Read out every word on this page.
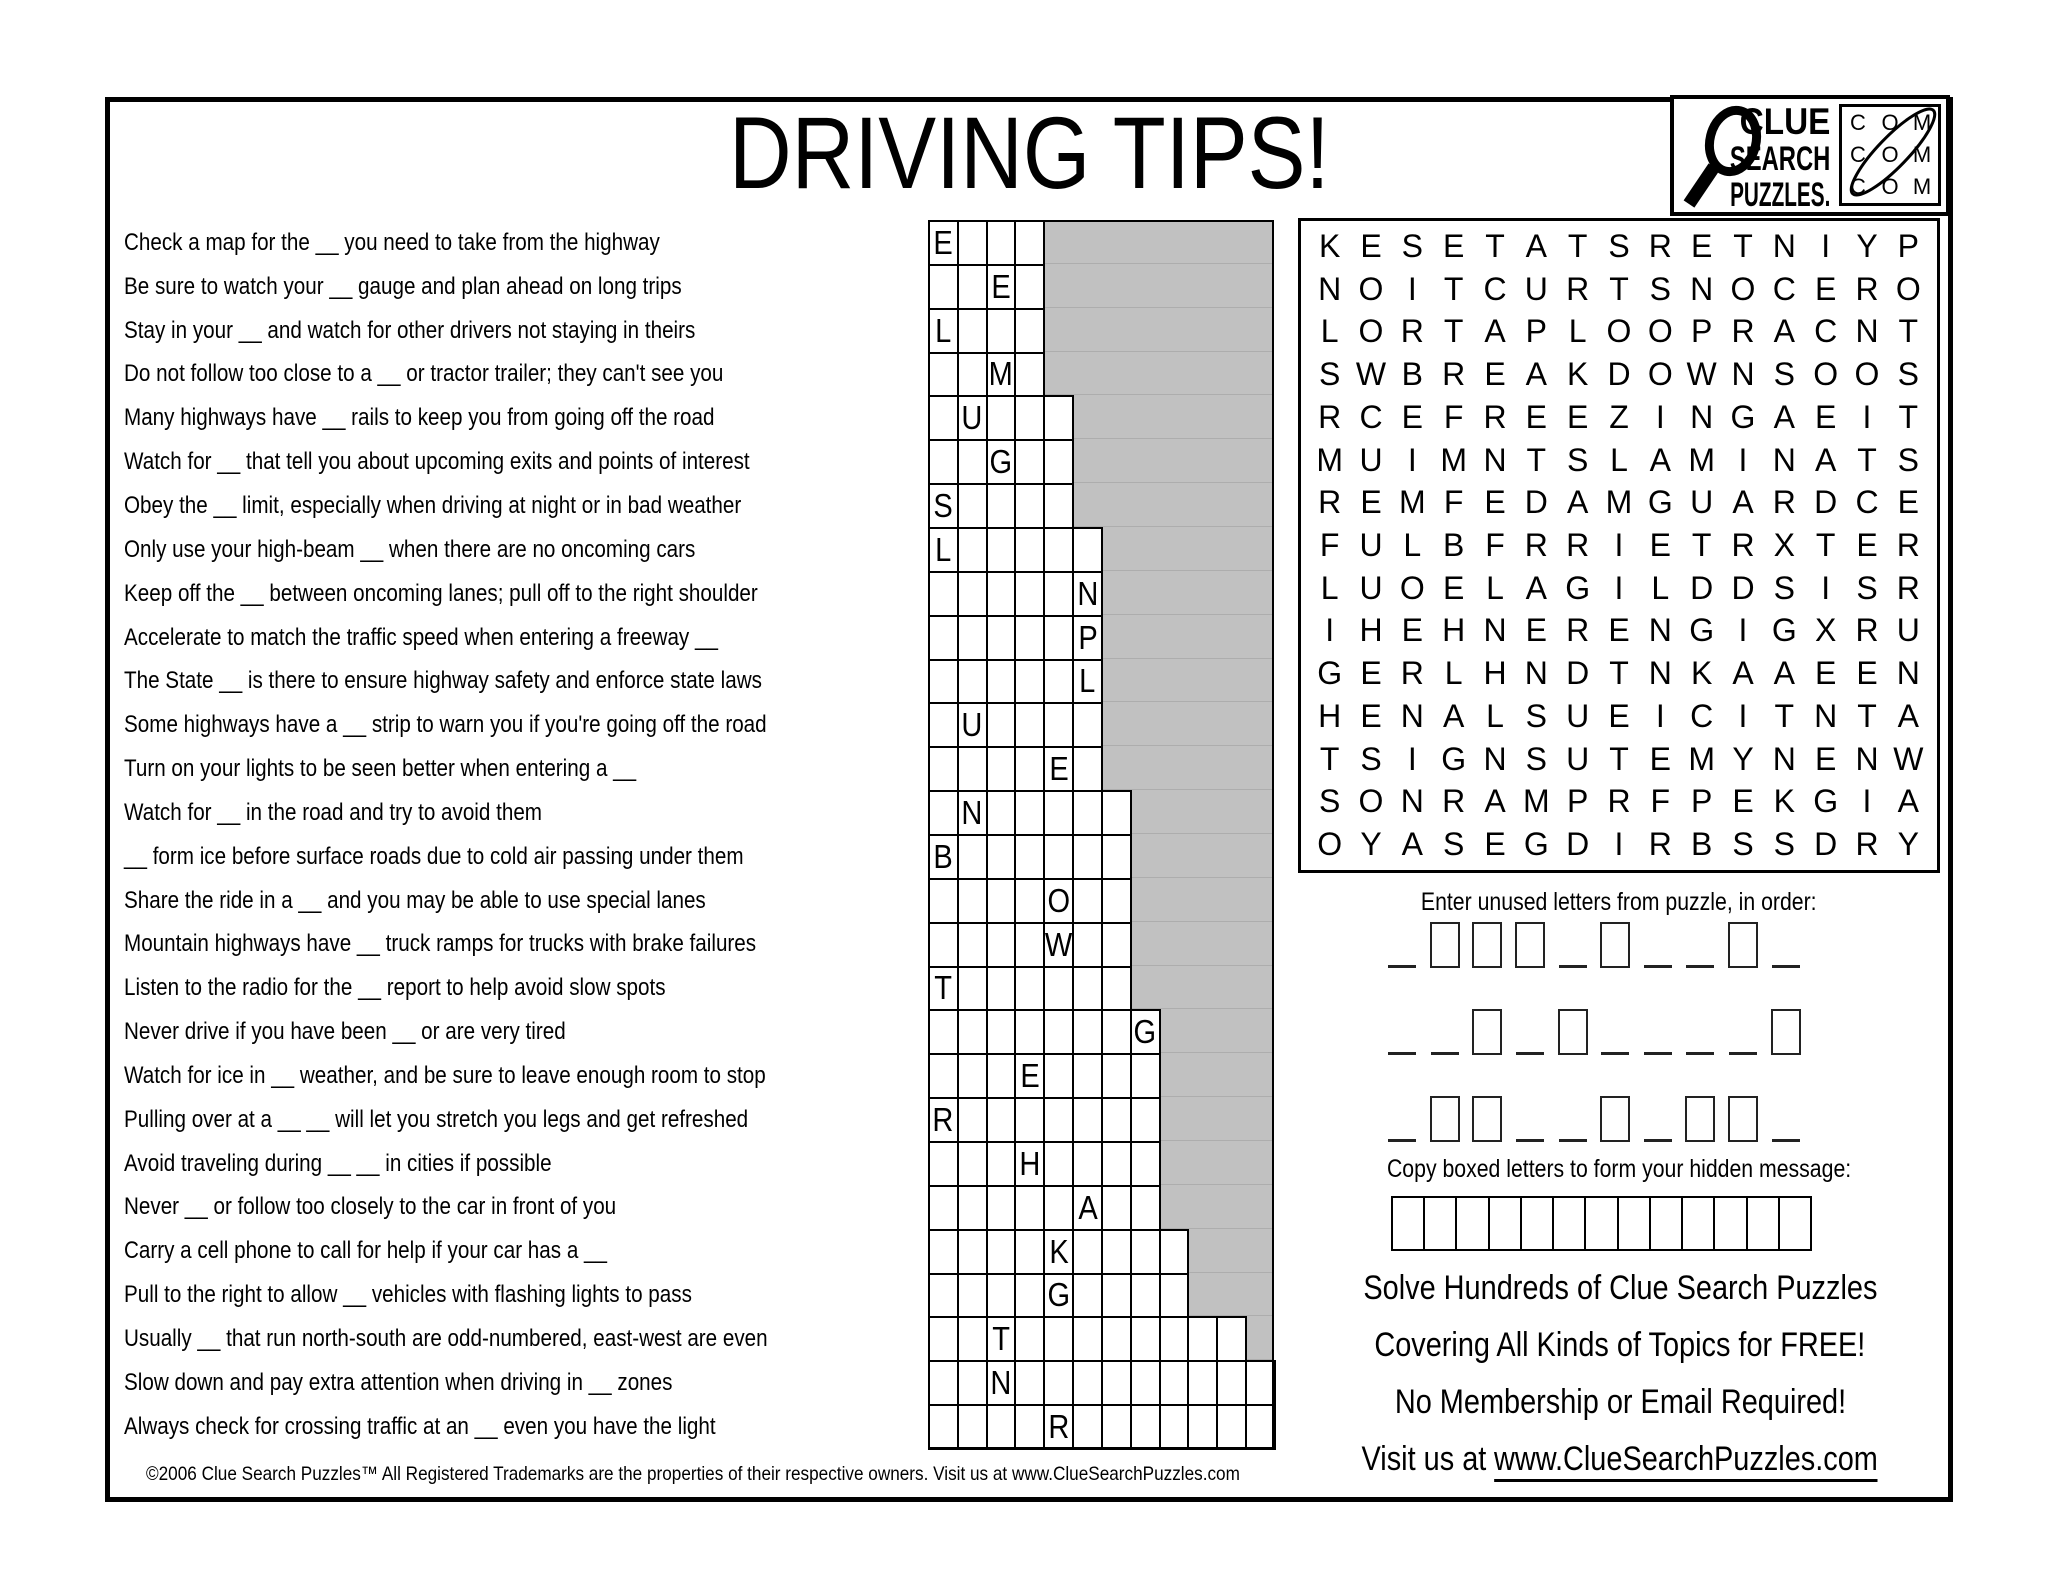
DRIVING TIPS!	CLUE
SEARCH
PUZZLES.
C O M
C O M
C O M
Check a map for the __ you need to take from the highway
Be sure to watch your __ gauge and plan ahead on long trips
Stay in your __ and watch for other drivers not staying in theirs
Do not follow too close to a __ or tractor trailer; they can't see you
Many highways have __ rails to keep you from going off the road
Watch for __ that tell you about upcoming exits and points of interest
Obey the __ limit, especially when driving at night or in bad weather
Only use your high-beam __ when there are no oncoming cars
Keep off the __ between oncoming lanes; pull off to the right shoulder
Accelerate to match the traffic speed when entering a freeway __
The State __ is there to ensure highway safety and enforce state laws
Some highways have a __ strip to warn you if you're going off the road
Turn on your lights to be seen better when entering a __
Watch for __ in the road and try to avoid them
__ form ice before surface roads due to cold air passing under them
Share the ride in a __ and you may be able to use special lanes
Mountain highways have __ truck ramps for trucks with brake failures
Listen to the radio for the __ report to help avoid slow spots
Never drive if you have been __ or are very tired
Watch for ice in __ weather, and be sure to leave enough room to stop
Pulling over at a __ __ will let you stretch you legs and get refreshed
Avoid traveling during __ __ in cities if possible
Never __ or follow too closely to the car in front of you
Carry a cell phone to call for help if your car has a __
Pull to the right to allow __ vehicles with flashing lights to pass
Usually __ that run north-south are odd-numbered, east-west are even
Slow down and pay extra attention when driving in __ zones
Always check for crossing traffic at an __ even you have the light
E
E
L
M
U
G
S
L
N
P
L
U
E
N
B
O
W
T
G
E
R
H
A
K
G
T
N
R
K E S E T A T S R E T N I Y P
N O I T C U R T S N O C E R O
L O R T A P L O O P R A C N T
S W B R E A K D O W N S O O S
R C E F R E E Z I N G A E I T
M U I M N T S L A M I N A T S
R E M F E D A M G U A R D C E
F U L B F R R I E T R X T E R
L U O E L A G I L D D S I S R
I H E H N E R E N G I G X R U
G E R L H N D T N K A A E E N
H E N A L S U E I C I T N T A
T S I G N S U T E M Y N E N W
S O N R A M P R F P E K G I A
O Y A S E G D I R B S S D R Y
Enter unused letters from puzzle, in order:
Copy boxed letters to form your hidden message:
Solve Hundreds of Clue Search Puzzles
Covering All Kinds of Topics for FREE!
No Membership or Email Required!
Visit us at www.ClueSearchPuzzles.com
©2006 Clue Search Puzzles™ All Registered Trademarks are the properties of their respective owners. Visit us at www.ClueSearchPuzzles.com
